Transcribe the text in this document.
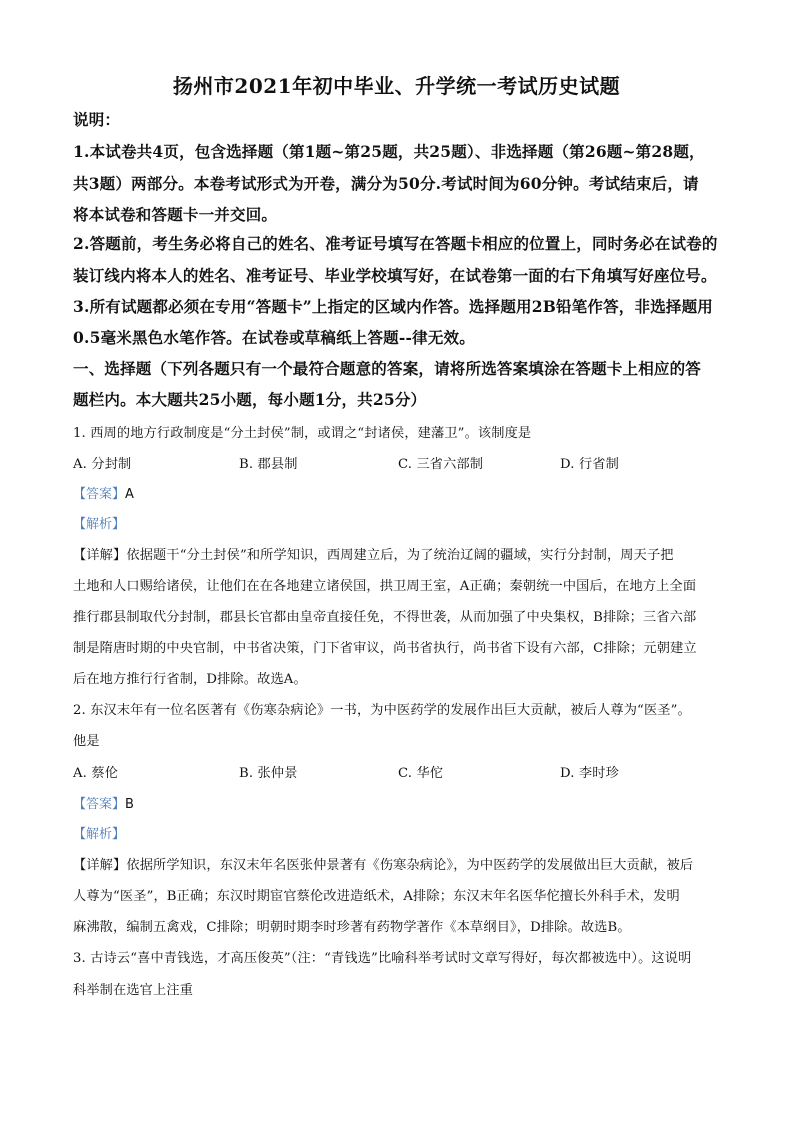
扬州市2021年初中毕业、升学统一考试历史试题
说明：
1.本试卷共4页，包含选择题（第1题~第25题，共25题）、非选择题（第26题~第28题，
共3题）两部分。本卷考试形式为开卷，满分为50分.考试时间为60分钟。考试结束后，请
将本试卷和答题卡一并交回。
2.答题前，考生务必将自己的姓名、准考证号填写在答题卡相应的位置上，同时务必在试卷的
装订线内将本人的姓名、准考证号、毕业学校填写好，在试卷第一面的右下角填写好座位号。
3.所有试题都必须在专用“答题卡”上指定的区域内作答。选择题用2B铅笔作答，非选择题用
0.5毫米黑色水笔作答。在试卷或草稿纸上答题--律无效。
一、选择题（下列各题只有一个最符合题意的答案，请将所选答案填涂在答题卡上相应的答
题栏内。本大题共25小题，每小题1分，共25分）
1. 西周的地方行政制度是“分土封侯”制，或谓之“封诸侯，建藩卫”。该制度是
A. 分封制	B. 郡县制	C. 三省六部制	D. 行省制
【答案】A
【解析】
【详解】依据题干“分土封侯”和所学知识，西周建立后，为了统治辽阔的疆域，实行分封制，周天子把
土地和人口赐给诸侯，让他们在在各地建立诸侯国，拱卫周王室，A正确；秦朝统一中国后，在地方上全面
推行郡县制取代分封制，郡县长官都由皇帝直接任免，不得世袭，从而加强了中央集权，B排除；三省六部
制是隋唐时期的中央官制，中书省决策，门下省审议，尚书省执行，尚书省下设有六部，C排除；元朝建立
后在地方推行行省制，D排除。故选A。
2. 东汉末年有一位名医著有《伤寒杂病论》一书，为中医药学的发展作出巨大贡献，被后人尊为“医圣”。
他是
A. 蔡伦	B. 张仲景	C. 华佗	D. 李时珍
【答案】B
【解析】
【详解】依据所学知识，东汉末年名医张仲景著有《伤寒杂病论》，为中医药学的发展做出巨大贡献，被后
人尊为“医圣”，B正确；东汉时期宦官蔡伦改进造纸术，A排除；东汉末年名医华佗擅长外科手术，发明
麻沸散，编制五禽戏，C排除；明朝时期李时珍著有药物学著作《本草纲目》，D排除。故选B。
3. 古诗云“喜中青钱选，才高压俊英”（注：“青钱选”比喻科举考试时文章写得好，每次都被选中）。这说明
科举制在选官上注重
